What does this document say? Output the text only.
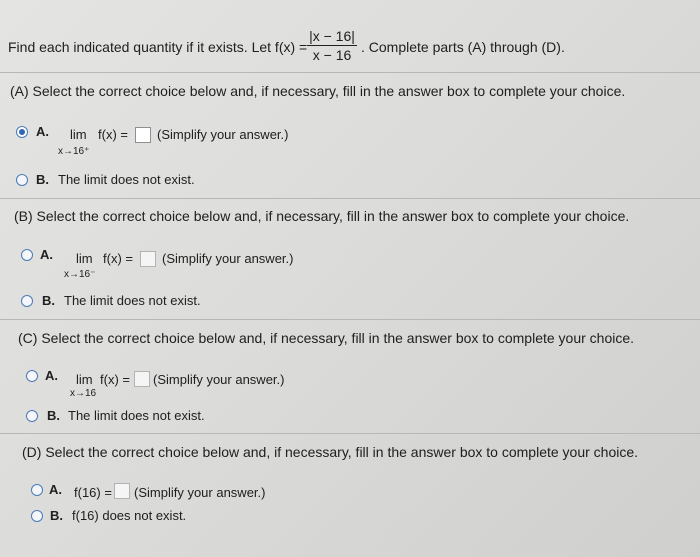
Find each indicated quantity if it exists. Let $f(x) = \frac{|x - 16|}{x - 16}$ . Complete parts (A) through (D).
(A) Select the correct choice below and, if necessary, fill in the answer box to complete your choice.
A. lim f(x) = (Simplify your answer.)
x→16⁺
B. The limit does not exist.
(B) Select the correct choice below and, if necessary, fill in the answer box to complete your choice.
A. lim f(x) = (Simplify your answer.)
x→16⁻
B. The limit does not exist.
(C) Select the correct choice below and, if necessary, fill in the answer box to complete your choice.
A. lim f(x) = (Simplify your answer.)
x→16
B. The limit does not exist.
(D) Select the correct choice below and, if necessary, fill in the answer box to complete your choice.
A. f(16) = (Simplify your answer.)
B. f(16) does not exist.
